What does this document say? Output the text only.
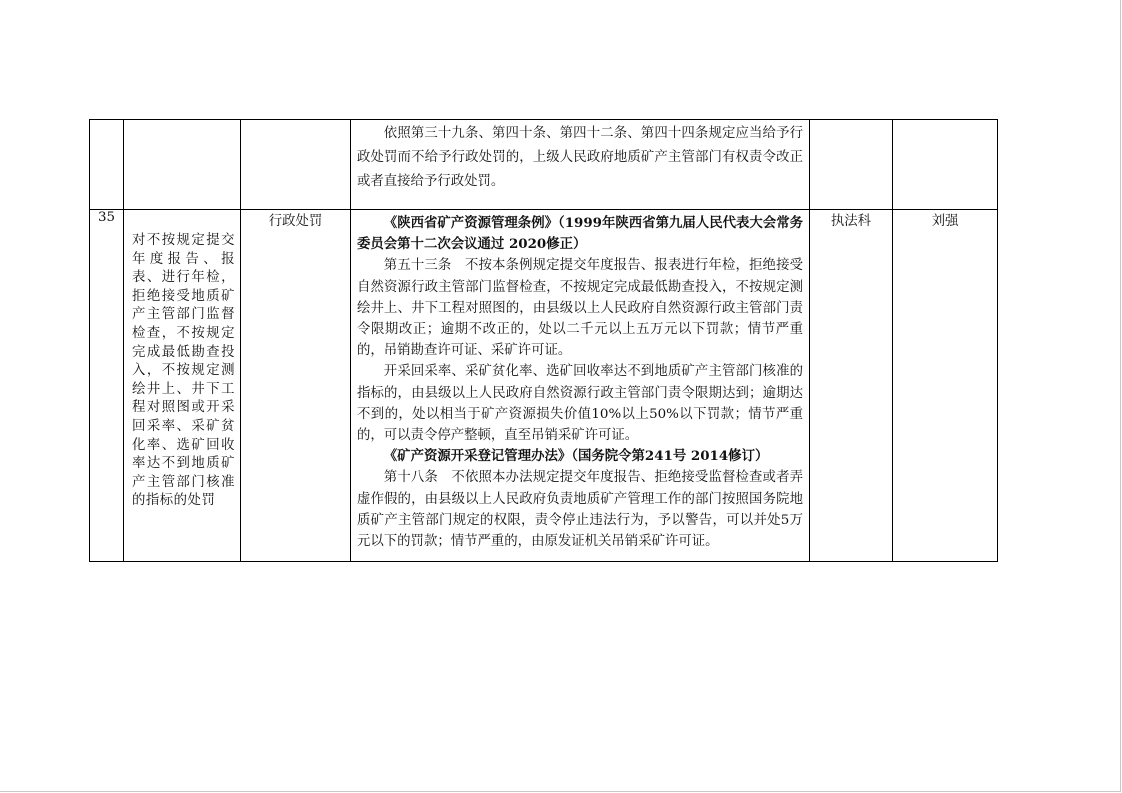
			依照第三十九条、第四十条、第四十二条、第四十四条规定应当给予行政处罚而不给予行政处罚的，上级人民政府地质矿产主管部门有权责令改正或者直接给予行政处罚。		

35	对不按规定提交年度报告、报表、进行年检，拒绝接受地质矿产主管部门监督检查，不按规定完成最低勘查投入，不按规定测绘井上、井下工程对照图或开采回采率、采矿贫化率、选矿回收率达不到地质矿产主管部门核准的指标的处罚	行政处罚	《陕西省矿产资源管理条例》（1999年陕西省第九届人民代表大会常务委员会第十二次会议通过 2020修正）

第五十三条　不按本条例规定提交年度报告、报表进行年检，拒绝接受自然资源行政主管部门监督检查，不按规定完成最低勘查投入，不按规定测绘井上、井下工程对照图的，由县级以上人民政府自然资源行政主管部门责令限期改正；逾期不改正的，处以二千元以上五万元以下罚款；情节严重的，吊销勘查许可证、采矿许可证。

开采回采率、采矿贫化率、选矿回收率达不到地质矿产主管部门核准的指标的，由县级以上人民政府自然资源行政主管部门责令限期达到；逾期达不到的，处以相当于矿产资源损失价值10%以上50%以下罚款；情节严重的，可以责令停产整顿，直至吊销采矿许可证。

《矿产资源开采登记管理办法》（国务院令第241号 2014修订）

第十八条　不依照本办法规定提交年度报告、拒绝接受监督检查或者弄虚作假的，由县级以上人民政府负责地质矿产管理工作的部门按照国务院地质矿产主管部门规定的权限，责令停止违法行为，予以警告，可以并处5万元以下的罚款；情节严重的，由原发证机关吊销采矿许可证。	执法科	刘强
